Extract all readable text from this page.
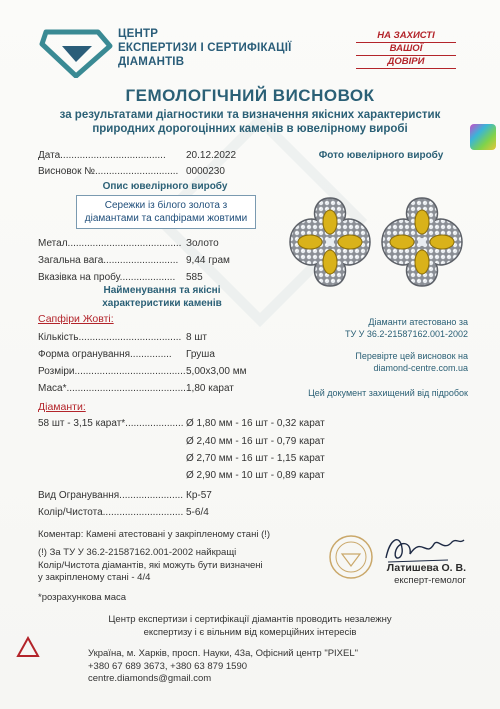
ЦЕНТР
ЕКСПЕРТИЗИ І СЕРТИФІКАЦІЇ
ДІАМАНТІВ
НА ЗАХИСТІ
ВАШОЇ
ДОВІРИ
ГЕМОЛОГІЧНИЙ ВИСНОВОК
за результатами діагностики та визначення якісних характеристик природних дорогоцінних каменів в ювелірному виробі
Дата...................................... 20.12.2022
Висновок №.............................. 0000230
Опис ювелірного виробу
Сережки із білого золота з діамантами та сапфірами жовтими
Метал......................................... Золото
Загальна вага........................... 9,44 грам
Вказівка на пробу.................... 585
Найменування та якісні характеристики каменів
Сапфіри Жовті:
Кількість..................................... 8 шт
Форма огранування............... Груша
Розміри........................................ 5,00х3,00 мм
Маса*........................................... 1,80 карат
Діаманти:
58 шт - 3,15 карат*..................... Ø 1,80 мм - 16 шт - 0,32 карат
Ø 2,40 мм - 16 шт - 0,79 карат
Ø 2,70 мм - 16 шт - 1,15 карат
Ø 2,90 мм - 10 шт - 0,89 карат
Вид Огранування....................... Кр-57
Колір/Чистота............................. 5-6/4
Фото ювелірного виробу
Діаманти атестовано за
ТУ У 36.2-21587162.001-2002
Перевірте цей висновок на
diamond-centre.com.ua
Цей документ захищений від підробок
Коментар: Камені атестовані у закріпленому стані (!)
(!) За ТУ У 36.2-21587162.001-2002 найкращі
Колір/Чистота діамантів, які можуть бути визначені
у закріпленому стані - 4/4
Латишева О. В.
експерт-гемолог
*розрахункова маса
Центр експертизи і сертифікації діамантів проводить незалежну
експертизу і є вільним від комерційних інтересів
Україна, м. Харків, просп. Науки, 43а, Офісний центр "PIXEL"
+380 67 689 3673, +380 63 879 1590
centre.diamonds@gmail.com
